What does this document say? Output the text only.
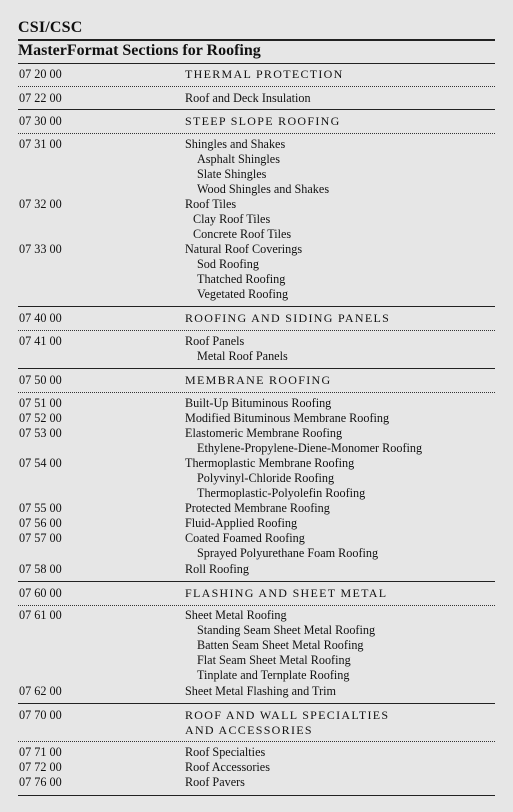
CSI/CSC
MasterFormat Sections for Roofing
07 20 00	THERMAL PROTECTION
07 22 00	Roof and Deck Insulation
07 30 00	STEEP SLOPE ROOFING
07 31 00	Shingles and Shakes
Asphalt Shingles
Slate Shingles
Wood Shingles and Shakes
07 32 00	Roof Tiles
Clay Roof Tiles
Concrete Roof Tiles
07 33 00	Natural Roof Coverings
Sod Roofing
Thatched Roofing
Vegetated Roofing
07 40 00	ROOFING AND SIDING PANELS
07 41 00	Roof Panels
Metal Roof Panels
07 50 00	MEMBRANE ROOFING
07 51 00	Built-Up Bituminous Roofing
07 52 00	Modified Bituminous Membrane Roofing
07 53 00	Elastomeric Membrane Roofing
Ethylene-Propylene-Diene-Monomer Roofing
07 54 00	Thermoplastic Membrane Roofing
Polyvinyl-Chloride Roofing
Thermoplastic-Polyolefin Roofing
07 55 00	Protected Membrane Roofing
07 56 00	Fluid-Applied Roofing
07 57 00	Coated Foamed Roofing
Sprayed Polyurethane Foam Roofing
07 58 00	Roll Roofing
07 60 00	FLASHING AND SHEET METAL
07 61 00	Sheet Metal Roofing
Standing Seam Sheet Metal Roofing
Batten Seam Sheet Metal Roofing
Flat Seam Sheet Metal Roofing
Tinplate and Ternplate Roofing
07 62 00	Sheet Metal Flashing and Trim
07 70 00	ROOF AND WALL SPECIALTIES
AND ACCESSORIES
07 71 00	Roof Specialties
07 72 00	Roof Accessories
07 76 00	Roof Pavers
